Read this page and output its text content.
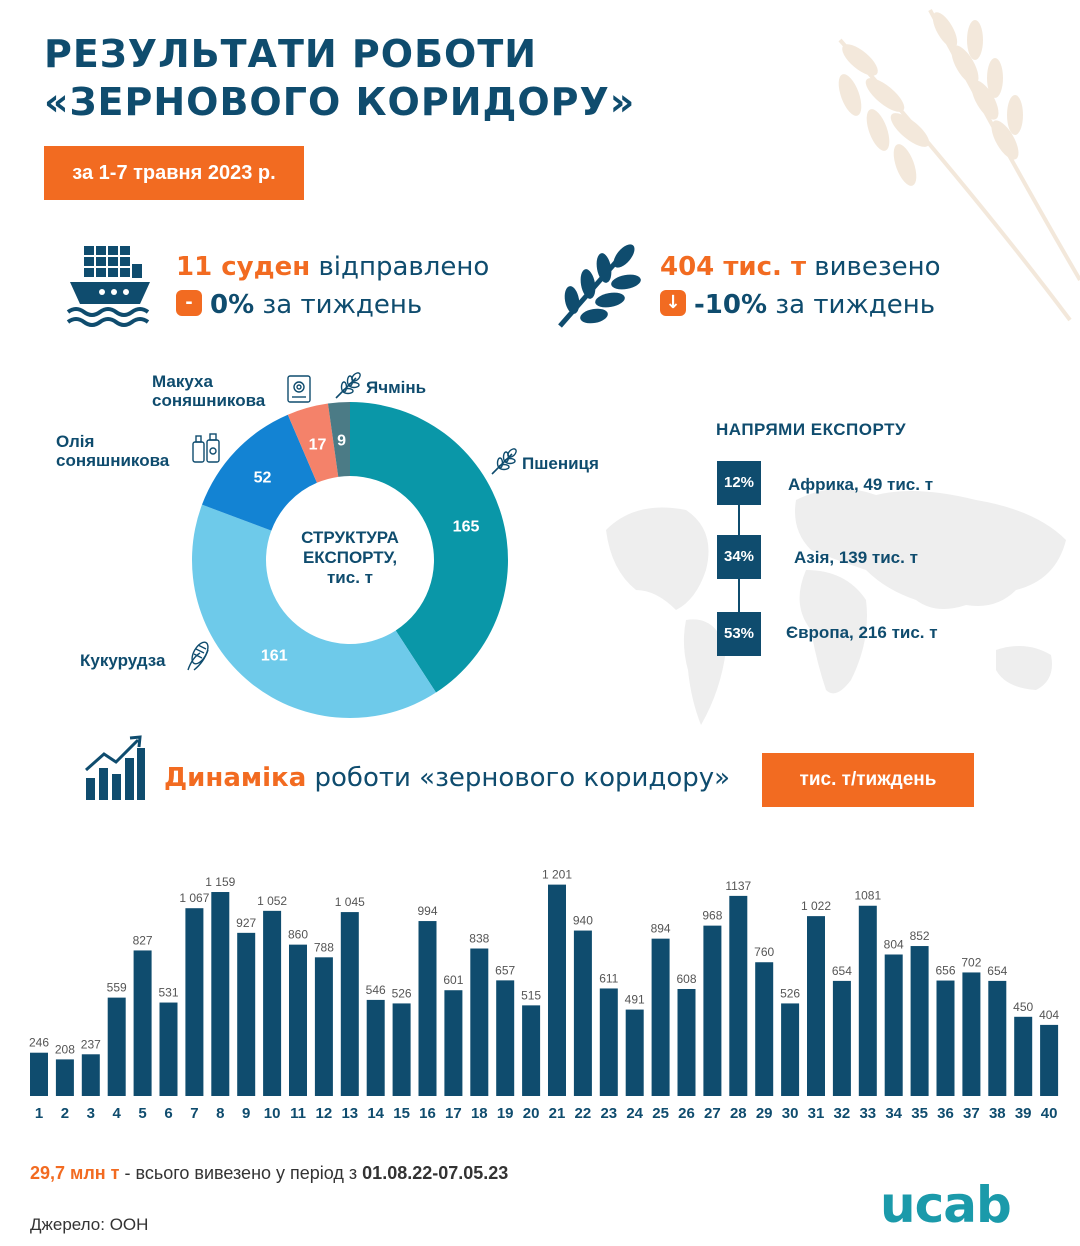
РЕЗУЛЬТАТИ РОБОТИ
«ЗЕРНОВОГО КОРИДОРУ»
за 1-7 травня 2023 р.
11 суден відправлено
- 0% за тиждень
404 тис. т вивезено
↓ -10% за тиждень
165
161
52
17 9
СТРУКТУРА
ЕКСПОРТУ,
тис. т
Пшениця
Кукурудза
Олія
соняшникова
Макуха
соняшникова
Ячмінь
НАПРЯМИ ЕКСПОРТУ
12%	Африка, 49 тис. т
34%	Азія, 139 тис. т
53%	Європа, 216 тис. т
Динаміка роботи «зернового коридору»	тис. т/тиждень
246 208 237
559
827
531
1 067
1 159
927
1 052
860
788
1 045
546 526
994
601
838
657
515
1 201
940
611
491
894
608
968
1137
760
526
1 022
654
1081
804
852
656
702
654
450
404
1 2 3 4 5 6 7 8 9 10 11 12 13 14 15 16 17 18 19 20 21 22 23 24 25 26 27 28 29 30 31 32 33 34 35 36 37 38 39 40
29,7 млн т - всього вивезено у період з 01.08.22-07.05.23
Джерело: ООН	ucab
